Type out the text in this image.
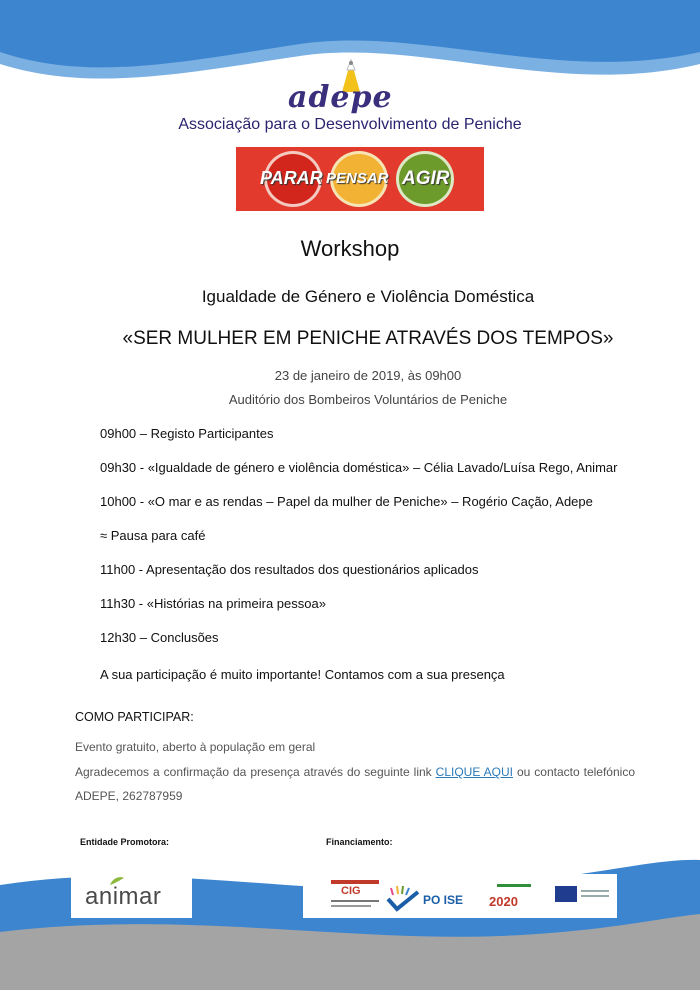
adepe
Associação para o Desenvolvimento de Peniche
PARAR PENSAR AGIR
Workshop
Igualdade de Género e Violência Doméstica
«SER MULHER EM PENICHE ATRAVÉS DOS TEMPOS»
23 de janeiro de 2019, às 09h00
Auditório dos Bombeiros Voluntários de Peniche
09h00 – Registo Participantes
09h30 - «Igualdade de género e violência doméstica» – Célia Lavado/Luísa Rego, Animar
10h00 - «O mar e as rendas – Papel da mulher de Peniche» – Rogério Cação, Adepe
≈ Pausa para café
11h00 - Apresentação dos resultados dos questionários aplicados
11h30 - «Histórias na primeira pessoa»
12h30 – Conclusões
A sua participação é muito importante! Contamos com a sua presença
COMO PARTICIPAR:
Evento gratuito, aberto à população em geral
Agradecemos a confirmação da presença através do seguinte link CLIQUE AQUI ou contacto telefónico
ADEPE, 262787959
Entidade Promotora:	Financiamento:
animar	CIG
PO ISE 2020
